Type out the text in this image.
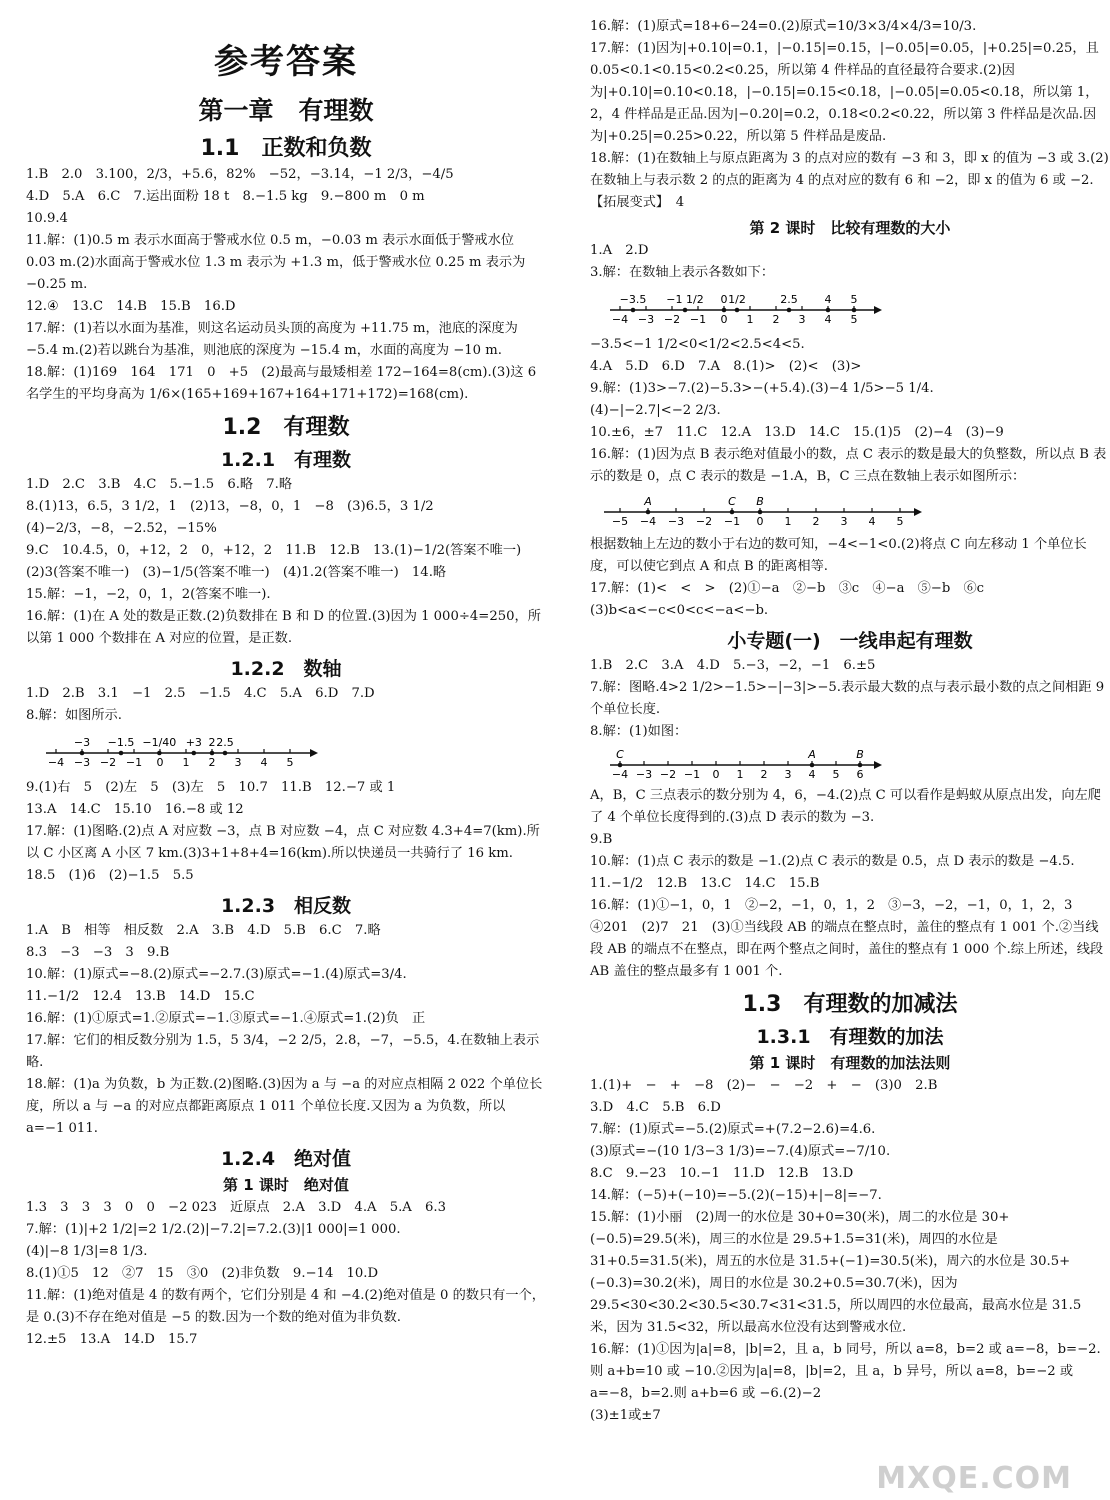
参考答案
第一章　有理数
1.1　正数和负数
1.B　2.0　3.100，2/3，+5.6，82%　−52，−3.14，−1 2/3，−4/5
4.D　5.A　6.C　7.运出面粉 18 t　8.−1.5 kg　9.−800 m　0 m
10.9.4
11.解：(1)0.5 m 表示水面高于警戒水位 0.5 m，−0.03 m 表示水面低于警戒水位 0.03 m.(2)水面高于警戒水位 1.3 m 表示为 +1.3 m，低于警戒水位 0.25 m 表示为 −0.25 m.
12.④　13.C　14.B　15.B　16.D
17.解：(1)若以水面为基准，则这名运动员头顶的高度为 +11.75 m，池底的深度为 −5.4 m.(2)若以跳台为基准，则池底的深度为 −15.4 m，水面的高度为 −10 m.
18.解：(1)169　164　171　0　+5　(2)最高与最矮相差 172−164=8(cm).(3)这 6 名学生的平均身高为 1/6×(165+169+167+164+171+172)=168(cm).
1.2　有理数
1.2.1　有理数
1.D　2.C　3.B　4.C　5.−1.5　6.略　7.略
8.(1)13，6.5，3 1/2，1　(2)13，−8，0，1　−8　(3)6.5，3 1/2
(4)−2/3，−8，−2.52，−15%
9.C　10.4.5，0，+12，2　0，+12，2　11.B　12.B　13.(1)−1/2(答案不唯一)　(2)3(答案不唯一)　(3)−1/5(答案不唯一)　(4)1.2(答案不唯一)　14.略
15.解：−1，−2，0，1，2(答案不唯一).
16.解：(1)在 A 处的数是正数.(2)负数排在 B 和 D 的位置.(3)因为 1 000÷4=250，所以第 1 000 个数排在 A 对应的位置，是正数.
1.2.2　数轴
1.D　2.B　3.1　−1　2.5　−1.5　4.C　5.A　6.D　7.D
8.解：如图所示.
−4 −3 −2 −1 0 1 2 3 4 5
−3 −1.5 −1/40 +3 2 2.5
9.(1)右　5　(2)左　5　(3)左　5　10.7　11.B　12.−7 或 1
13.A　14.C　15.10　16.−8 或 12
17.解：(1)图略.(2)点 A 对应数 −3，点 B 对应数 −4，点 C 对应数 4.3+4=7(km).所以 C 小区离 A 小区 7 km.(3)3+1+8+4=16(km).所以快递员一共骑行了 16 km.
18.5　(1)6　(2)−1.5　5.5
1.2.3　相反数
1.A　B　相等　相反数　2.A　3.B　4.D　5.B　6.C　7.略
8.3　−3　−3　3　9.B
10.解：(1)原式=−8.(2)原式=−2.7.(3)原式=−1.(4)原式=3/4.
11.−1/2　12.4　13.B　14.D　15.C
16.解：(1)①原式=1.②原式=−1.③原式=−1.④原式=1.(2)负　正
17.解：它们的相反数分别为 1.5，5 3/4，−2 2/5，2.8，−7，−5.5，4.在数轴上表示略.
18.解：(1)a 为负数，b 为正数.(2)图略.(3)因为 a 与 −a 的对应点相隔 2 022 个单位长度，所以 a 与 −a 的对应点都距离原点 1 011 个单位长度.又因为 a 为负数，所以 a=−1 011.
1.2.4　绝对值
第 1 课时　绝对值
1.3　3　3　3　0　0　−2 023　近原点　2.A　3.D　4.A　5.A　6.3
7.解：(1)|+2 1/2|=2 1/2.(2)|−7.2|=7.2.(3)|1 000|=1 000.
(4)|−8 1/3|=8 1/3.
8.(1)①5　12　②7　15　③0　(2)非负数　9.−14　10.D
11.解：(1)绝对值是 4 的数有两个，它们分别是 4 和 −4.(2)绝对值是 0 的数只有一个，是 0.(3)不存在绝对值是 −5 的数.因为一个数的绝对值为非负数.
12.±5　13.A　14.D　15.7
16.解：(1)原式=18+6−24=0.(2)原式=10/3×3/4×4/3=10/3.
17.解：(1)因为|+0.10|=0.1，|−0.15|=0.15，|−0.05|=0.05，|+0.25|=0.25，且 0.05<0.1<0.15<0.2<0.25，所以第 4 件样品的直径最符合要求.(2)因为|+0.10|=0.10<0.18，|−0.15|=0.15<0.18，|−0.05|=0.05<0.18，所以第 1，2，4 件样品是正品.因为|−0.20|=0.2，0.18<0.2<0.22，所以第 3 件样品是次品.因为|+0.25|=0.25>0.22，所以第 5 件样品是废品.
18.解：(1)在数轴上与原点距离为 3 的点对应的数有 −3 和 3，即 x 的值为 −3 或 3.(2)在数轴上与表示数 2 的点的距离为 4 的点对应的数有 6 和 −2，即 x 的值为 6 或 −2.
【拓展变式】　4
第 2 课时　比较有理数的大小
1.A　2.D
3.解：在数轴上表示各数如下：
−4 −3 −2 −1 0 1 2 3 4 5
−3.5 −1 1/2 0 1/2	2.5 4 5
−3.5<−1 1/2<0<1/2<2.5<4<5.
4.A　5.D　6.D　7.A　8.(1)>　(2)<　(3)>
9.解：(1)3>−7.(2)−5.3>−(+5.4).(3)−4 1/5>−5 1/4.
(4)−|−2.7|<−2 2/3.
10.±6，±7　11.C　12.A　13.D　14.C　15.(1)5　(2)−4　(3)−9
16.解：(1)因为点 B 表示绝对值最小的数，点 C 表示的数是最大的负整数，所以点 B 表示的数是 0，点 C 表示的数是 −1.A，B，C 三点在数轴上表示如图所示：
−5 −4 −3 −2 −1 0 1 2 3 4 5
A	C B
根据数轴上左边的数小于右边的数可知，−4<−1<0.(2)将点 C 向左移动 1 个单位长度，可以使它到点 A 和点 B 的距离相等.
17.解：(1)<　<　>　(2)①−a　②−b　③c　④−a　⑤−b　⑥c
(3)b<a<−c<0<c<−a<−b.
小专题(一)　一线串起有理数
1.B　2.C　3.A　4.D　5.−3，−2，−1　6.±5
7.解：图略.4>2 1/2>−1.5>−|−3|>−5.表示最大数的点与表示最小数的点之间相距 9 个单位长度.
8.解：(1)如图：
−4 −3 −2 −1 0 1 2 3 4 5 6
C	A	B
A，B，C 三点表示的数分别为 4，6，−4.(2)点 C 可以看作是蚂蚁从原点出发，向左爬了 4 个单位长度得到的.(3)点 D 表示的数为 −3.
9.B
10.解：(1)点 C 表示的数是 −1.(2)点 C 表示的数是 0.5，点 D 表示的数是 −4.5.
11.−1/2　12.B　13.C　14.C　15.B
16.解：(1)①−1，0，1　②−2，−1，0，1，2　③−3，−2，−1，0，1，2，3　④201　(2)7　21　(3)①当线段 AB 的端点在整点时，盖住的整点有 1 001 个.②当线段 AB 的端点不在整点，即在两个整点之间时，盖住的整点有 1 000 个.综上所述，线段 AB 盖住的整点最多有 1 001 个.
1.3　有理数的加减法
1.3.1　有理数的加法
第 1 课时　有理数的加法法则
1.(1)+　−　+　−8　(2)−　−　−2　+　−　(3)0　2.B
3.D　4.C　5.B　6.D
7.解：(1)原式=−5.(2)原式=+(7.2−2.6)=4.6.
(3)原式=−(10 1/3−3 1/3)=−7.(4)原式=−7/10.
8.C　9.−23　10.−1　11.D　12.B　13.D
14.解：(−5)+(−10)=−5.(2)(−15)+|−8|=−7.
15.解：(1)小丽　(2)周一的水位是 30+0=30(米)，周二的水位是 30+(−0.5)=29.5(米)，周三的水位是 29.5+1.5=31(米)，周四的水位是 31+0.5=31.5(米)，周五的水位是 31.5+(−1)=30.5(米)，周六的水位是 30.5+(−0.3)=30.2(米)，周日的水位是 30.2+0.5=30.7(米)，因为 29.5<30<30.2<30.5<30.7<31<31.5，所以周四的水位最高，最高水位是 31.5 米，因为 31.5<32，所以最高水位没有达到警戒水位.
16.解：(1)①因为|a|=8，|b|=2，且 a，b 同号，所以 a=8，b=2 或 a=−8，b=−2.则 a+b=10 或 −10.②因为|a|=8，|b|=2，且 a，b 异号，所以 a=8，b=−2 或 a=−8，b=2.则 a+b=6 或 −6.(2)−2
(3)±1或±7
MXQE.COM
